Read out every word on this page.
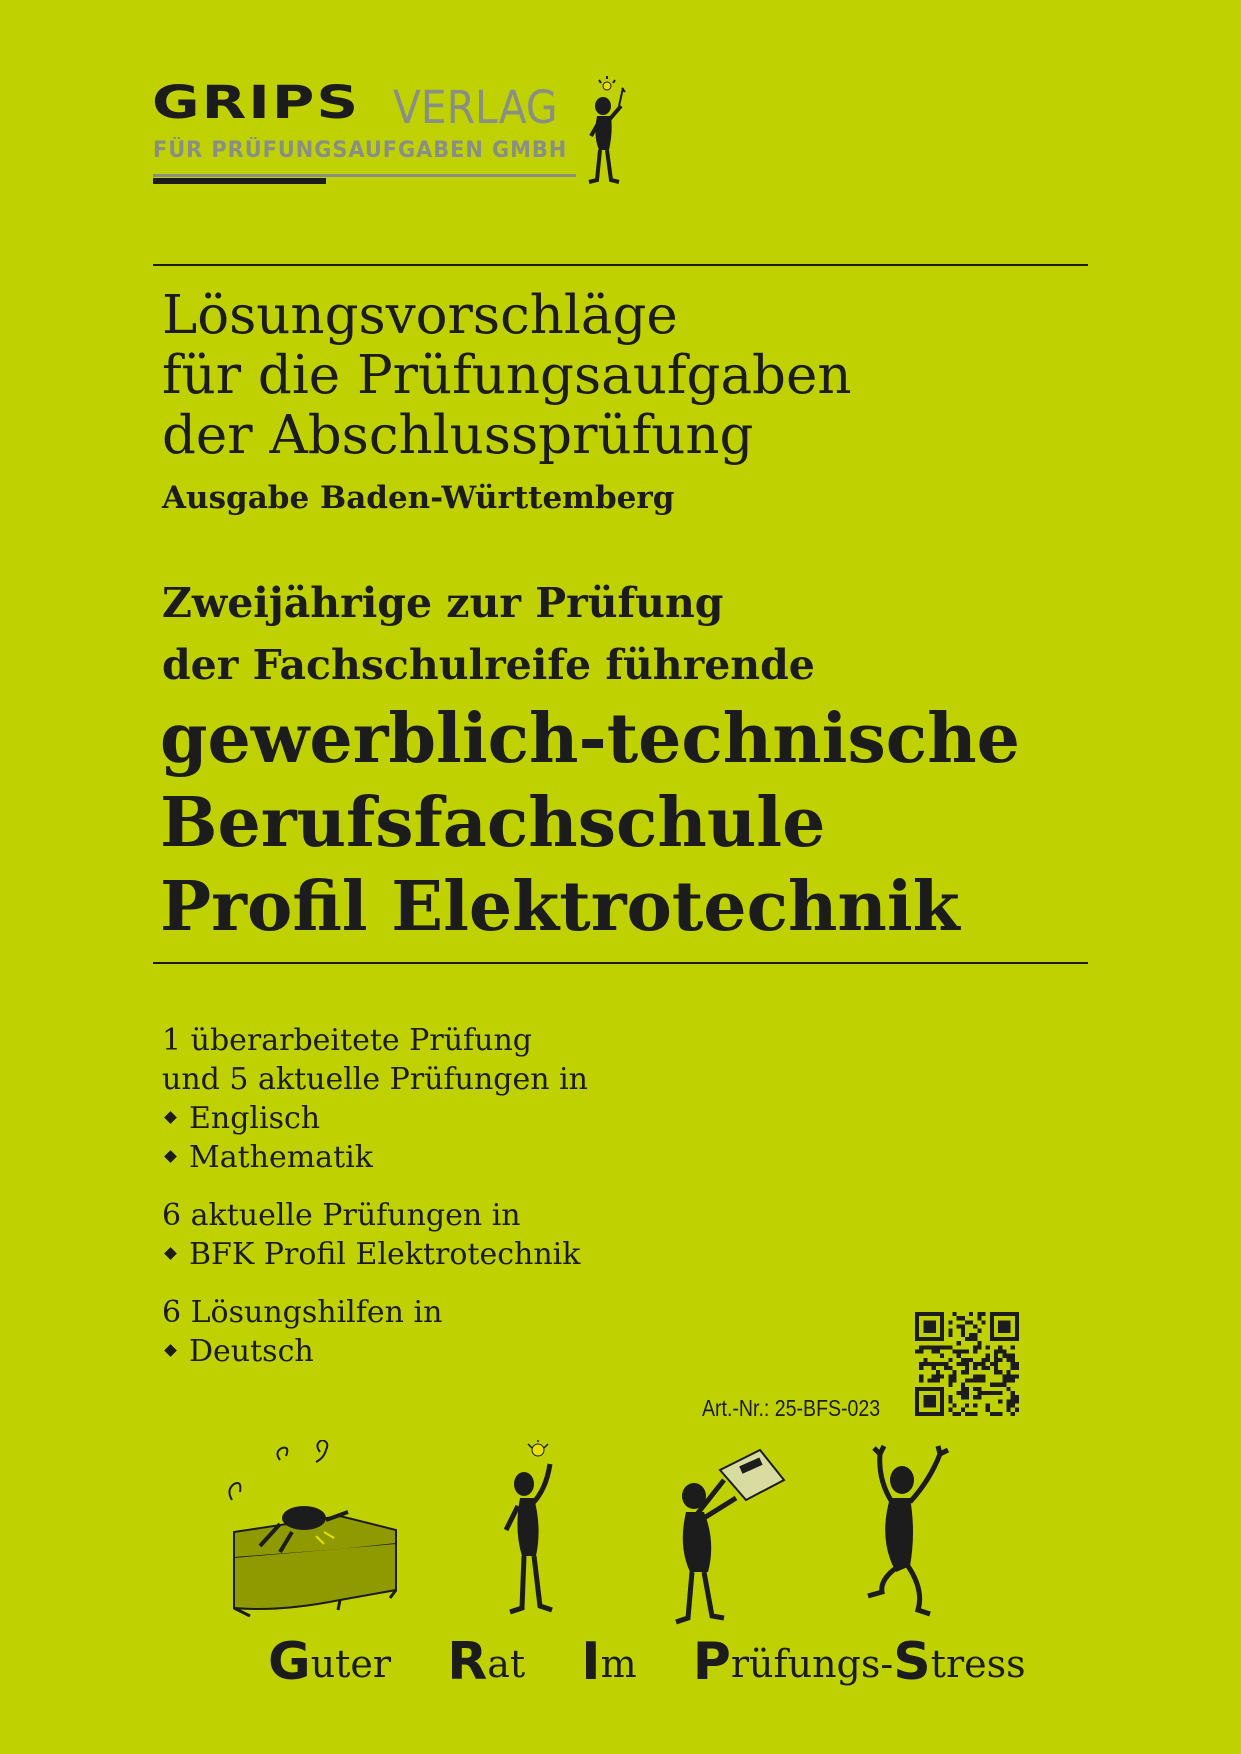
GRIPS VERLAG
FÜR PRÜFUNGSAUFGABEN GMBH
Lösungsvorschläge
für die Prüfungsaufgaben
der Abschlussprüfung
Ausgabe Baden-Württemberg
Zweijährige zur Prüfung
der Fachschulreife führende
gewerblich-technische
Berufsfachschule
Profil Elektrotechnik
1 überarbeitete Prüfung
und 5 aktuelle Prüfungen in
Englisch
Mathematik
6 aktuelle Prüfungen in
BFK Profil Elektrotechnik
6 Lösungshilfen in
Deutsch
Art.-Nr.: 25-BFS-023
Guter Rat Im Prüfungs-Stress
